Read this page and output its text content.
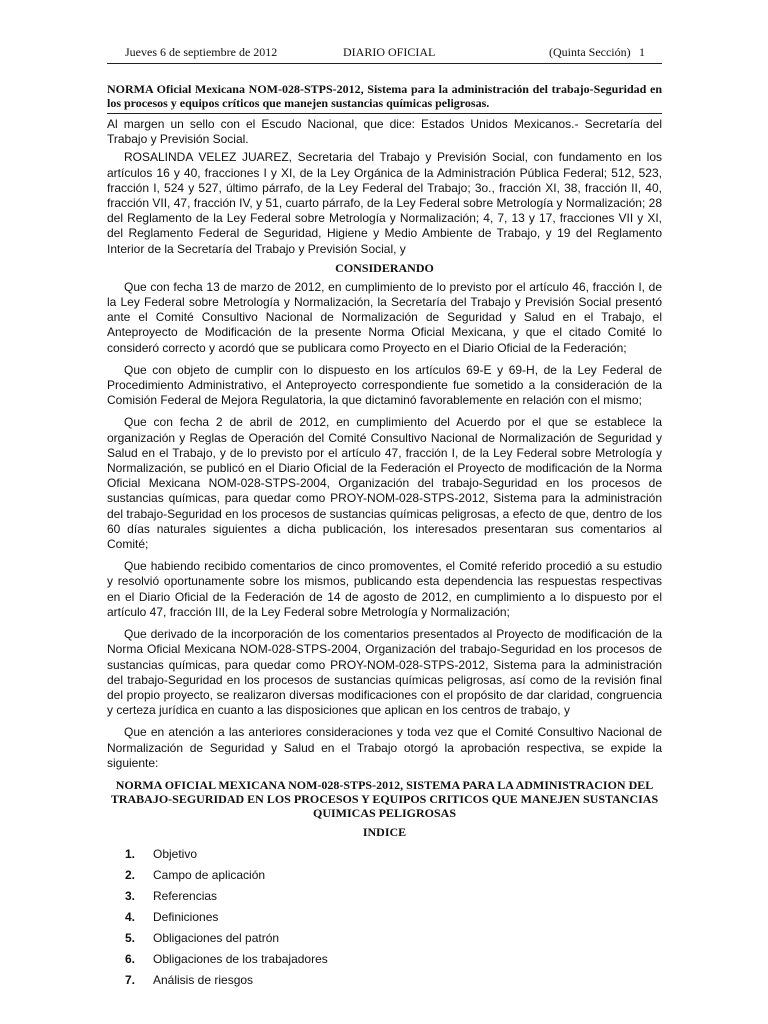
Jueves 6 de septiembre de 2012	DIARIO OFICIAL	(Quinta Sección) 1
NORMA Oficial Mexicana NOM-028-STPS-2012, Sistema para la administración del trabajo-Seguridad en los procesos y equipos críticos que manejen sustancias químicas peligrosas.

Al margen un sello con el Escudo Nacional, que dice: Estados Unidos Mexicanos.- Secretaría del Trabajo y Previsión Social.

ROSALINDA VELEZ JUAREZ, Secretaria del Trabajo y Previsión Social, con fundamento en los artículos 16 y 40, fracciones I y XI, de la Ley Orgánica de la Administración Pública Federal; 512, 523, fracción I, 524 y 527, último párrafo, de la Ley Federal del Trabajo; 3o., fracción XI, 38, fracción II, 40, fracción VII, 47, fracción IV, y 51, cuarto párrafo, de la Ley Federal sobre Metrología y Normalización; 28 del Reglamento de la Ley Federal sobre Metrología y Normalización; 4, 7, 13 y 17, fracciones VII y XI, del Reglamento Federal de Seguridad, Higiene y Medio Ambiente de Trabajo, y 19 del Reglamento Interior de la Secretaría del Trabajo y Previsión Social, y

CONSIDERANDO

Que con fecha 13 de marzo de 2012, en cumplimiento de lo previsto por el artículo 46, fracción I, de la Ley Federal sobre Metrología y Normalización, la Secretaría del Trabajo y Previsión Social presentó ante el Comité Consultivo Nacional de Normalización de Seguridad y Salud en el Trabajo, el Anteproyecto de Modificación de la presente Norma Oficial Mexicana, y que el citado Comité lo consideró correcto y acordó que se publicara como Proyecto en el Diario Oficial de la Federación;

Que con objeto de cumplir con lo dispuesto en los artículos 69-E y 69-H, de la Ley Federal de Procedimiento Administrativo, el Anteproyecto correspondiente fue sometido a la consideración de la Comisión Federal de Mejora Regulatoria, la que dictaminó favorablemente en relación con el mismo;

Que con fecha 2 de abril de 2012, en cumplimiento del Acuerdo por el que se establece la organización y Reglas de Operación del Comité Consultivo Nacional de Normalización de Seguridad y Salud en el Trabajo, y de lo previsto por el artículo 47, fracción I, de la Ley Federal sobre Metrología y Normalización, se publicó en el Diario Oficial de la Federación el Proyecto de modificación de la Norma Oficial Mexicana NOM-028-STPS-2004, Organización del trabajo-Seguridad en los procesos de sustancias químicas, para quedar como PROY-NOM-028-STPS-2012, Sistema para la administración del trabajo-Seguridad en los procesos de sustancias químicas peligrosas, a efecto de que, dentro de los 60 días naturales siguientes a dicha publicación, los interesados presentaran sus comentarios al Comité;

Que habiendo recibido comentarios de cinco promoventes, el Comité referido procedió a su estudio y resolvió oportunamente sobre los mismos, publicando esta dependencia las respuestas respectivas en el Diario Oficial de la Federación de 14 de agosto de 2012, en cumplimiento a lo dispuesto por el artículo 47, fracción III, de la Ley Federal sobre Metrología y Normalización;

Que derivado de la incorporación de los comentarios presentados al Proyecto de modificación de la Norma Oficial Mexicana NOM-028-STPS-2004, Organización del trabajo-Seguridad en los procesos de sustancias químicas, para quedar como PROY-NOM-028-STPS-2012, Sistema para la administración del trabajo-Seguridad en los procesos de sustancias químicas peligrosas, así como de la revisión final del propio proyecto, se realizaron diversas modificaciones con el propósito de dar claridad, congruencia y certeza jurídica en cuanto a las disposiciones que aplican en los centros de trabajo, y

Que en atención a las anteriores consideraciones y toda vez que el Comité Consultivo Nacional de Normalización de Seguridad y Salud en el Trabajo otorgó la aprobación respectiva, se expide la siguiente:

NORMA OFICIAL MEXICANA NOM-028-STPS-2012, SISTEMA PARA LA ADMINISTRACION DEL TRABAJO-SEGURIDAD EN LOS PROCESOS Y EQUIPOS CRITICOS QUE MANEJEN SUSTANCIAS QUIMICAS PELIGROSAS
INDICE
1.	Objetivo
2.	Campo de aplicación
3.	Referencias
4.	Definiciones
5.	Obligaciones del patrón
6.	Obligaciones de los trabajadores
7.	Análisis de riesgos
